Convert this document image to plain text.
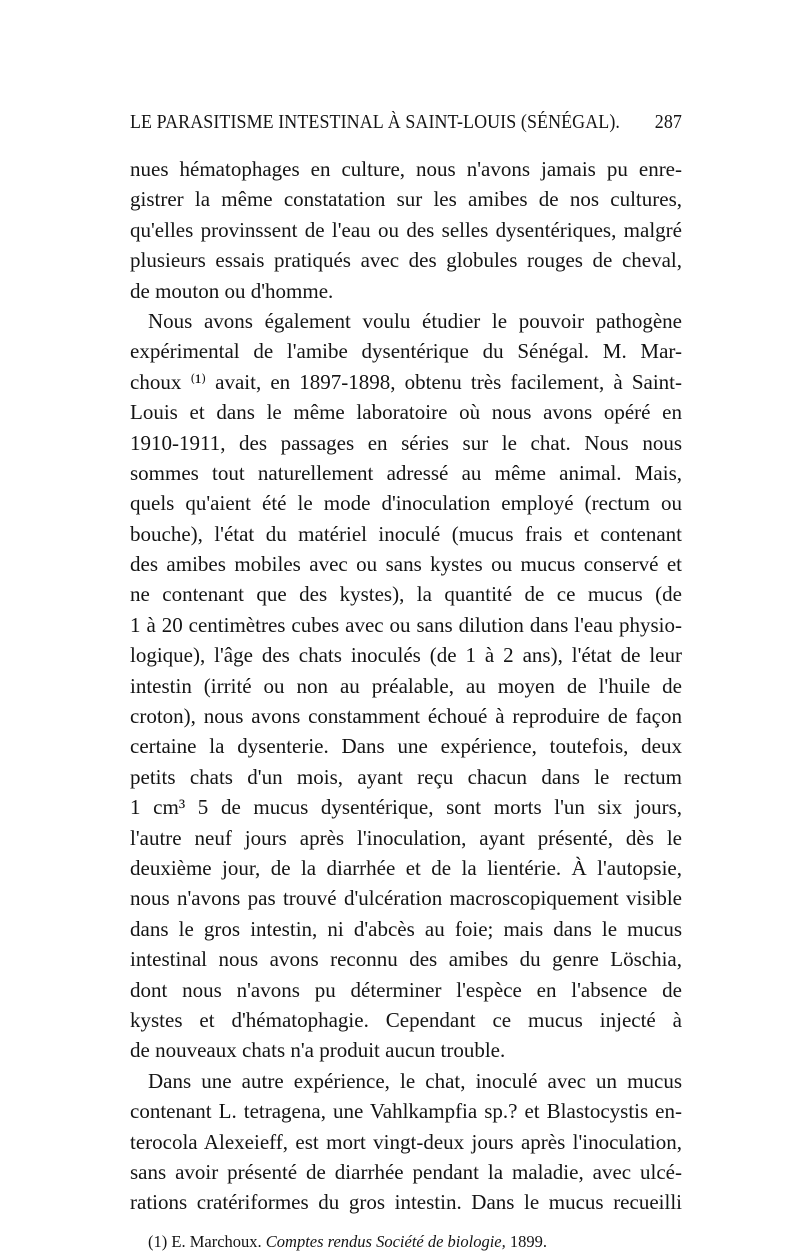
LE PARASITISME INTESTINAL À SAINT-LOUIS (SÉNÉGAL). 287
nues hématophages en culture, nous n'avons jamais pu enre-
gistrer la même constatation sur les amibes de nos cultures,
qu'elles provinssent de l'eau ou des selles dysentériques, malgré
plusieurs essais pratiqués avec des globules rouges de cheval,
de mouton ou d'homme.
Nous avons également voulu étudier le pouvoir pathogène
expérimental de l'amibe dysentérique du Sénégal. M. Mar-
choux ⁽¹⁾ avait, en 1897-1898, obtenu très facilement, à Saint-
Louis et dans le même laboratoire où nous avons opéré en
1910-1911, des passages en séries sur le chat. Nous nous
sommes tout naturellement adressé au même animal. Mais,
quels qu'aient été le mode d'inoculation employé (rectum ou
bouche), l'état du matériel inoculé (mucus frais et contenant
des amibes mobiles avec ou sans kystes ou mucus conservé et
ne contenant que des kystes), la quantité de ce mucus (de
1 à 20 centimètres cubes avec ou sans dilution dans l'eau physio-
logique), l'âge des chats inoculés (de 1 à 2 ans), l'état de leur
intestin (irrité ou non au préalable, au moyen de l'huile de
croton), nous avons constamment échoué à reproduire de façon
certaine la dysenterie. Dans une expérience, toutefois, deux
petits chats d'un mois, ayant reçu chacun dans le rectum
1 cm³ 5 de mucus dysentérique, sont morts l'un six jours,
l'autre neuf jours après l'inoculation, ayant présenté, dès le
deuxième jour, de la diarrhée et de la lientérie. À l'autopsie,
nous n'avons pas trouvé d'ulcération macroscopiquement visible
dans le gros intestin, ni d'abcès au foie; mais dans le mucus
intestinal nous avons reconnu des amibes du genre Löschia,
dont nous n'avons pu déterminer l'espèce en l'absence de
kystes et d'hématophagie. Cependant ce mucus injecté à
de nouveaux chats n'a produit aucun trouble.
Dans une autre expérience, le chat, inoculé avec un mucus
contenant L. tetragena, une Vahlkampfia sp.? et Blastocystis en-
terocola Alexeieff, est mort vingt-deux jours après l'inoculation,
sans avoir présenté de diarrhée pendant la maladie, avec ulcé-
rations cratériformes du gros intestin. Dans le mucus recueilli
(1) E. Marchoux. Comptes rendus Société de biologie, 1899.
